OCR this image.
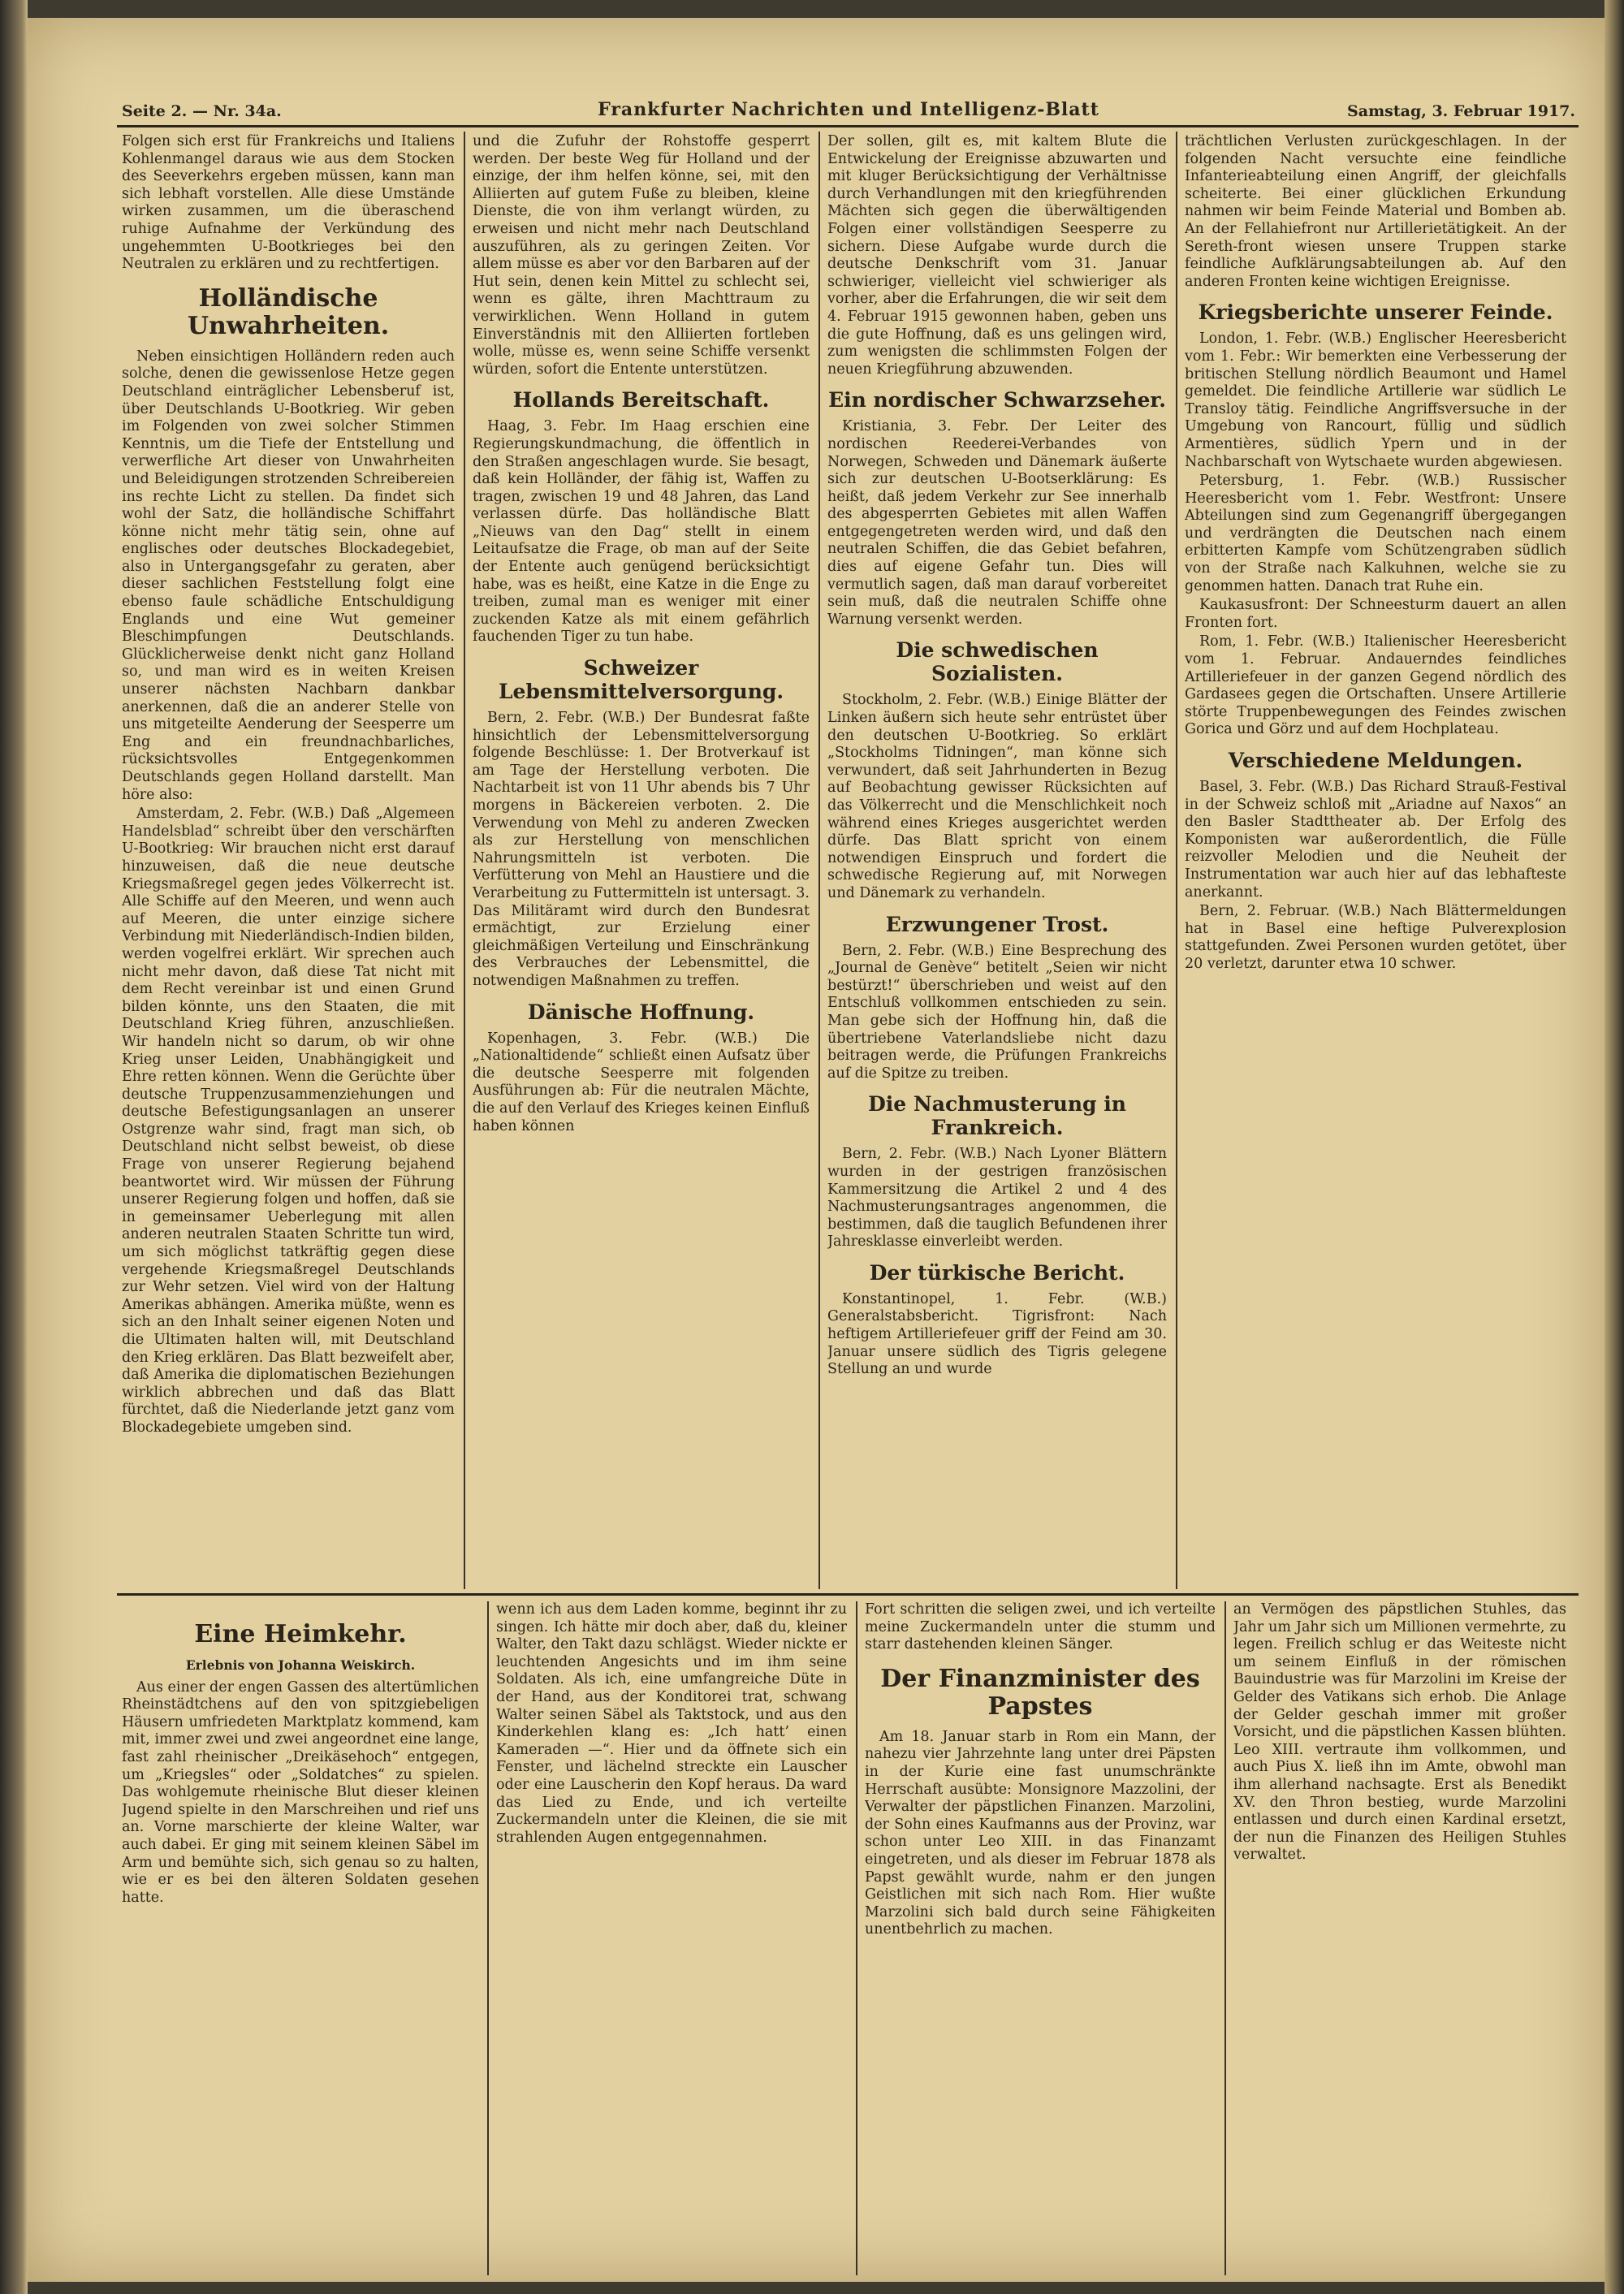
Seite 2. — Nr. 34a.	Frankfurter Nachrichten und Intelligenz-Blatt	Samstag, 3. Februar 1917.

Folgen sich erst für Frankreichs und Italiens Kohlenmangel daraus wie aus dem Stocken des Seeverkehrs ergeben müssen, kann man sich lebhaft vorstellen. Alle diese Umstände wirken zusammen, um die überaschend ruhige Aufnahme der Verkündung des ungehemmten U-Bootkrieges bei den Neutralen zu erklären und zu rechtfertigen.

Holländische Unwahrheiten.

Neben einsichtigen Holländern reden auch solche, denen die gewissenlose Hetze gegen Deutschland einträglicher Lebensberuf ist, über Deutschlands U-Bootkrieg. Wir geben im Folgenden von zwei solcher Stimmen Kenntnis, um die Tiefe der Entstellung und verwerfliche Art dieser von Unwahrheiten und Beleidigungen strotzenden Schreibereien ins rechte Licht zu stellen. Da findet sich wohl der Satz, die holländische Schiffahrt könne nicht mehr tätig sein, ohne auf englisches oder deutsches Blockadegebiet, also in Untergangsgefahr zu geraten, aber dieser sachlichen Feststellung folgt eine ebenso faule schädliche Entschuldigung Englands und eine Wut gemeiner Bleschimpfungen Deutschlands. Glücklicherweise denkt nicht ganz Holland so, und man wird es in weiten Kreisen unserer nächsten Nachbarn dankbar anerkennen, daß die an anderer Stelle von uns mitgeteilte Aenderung der Seesperre um Eng and ein freundnachbarliches, rücksichtsvolles Entgegenkommen Deutschlands gegen Holland darstellt. Man höre also:

Amsterdam, 2. Febr. (W.B.) Daß „Algemeen Handelsblad“ schreibt über den verschärften U-Bootkrieg: Wir brauchen nicht erst darauf hinzuweisen, daß die neue deutsche Kriegsmaßregel gegen jedes Völkerrecht ist. Alle Schiffe auf den Meeren, und wenn auch auf Meeren, die unter einzige sichere Verbindung mit Niederländisch-Indien bilden, werden vogelfrei erklärt. Wir sprechen auch nicht mehr davon, daß diese Tat nicht mit dem Recht vereinbar ist und einen Grund bilden könnte, uns den Staaten, die mit Deutschland Krieg führen, anzuschließen. Wir handeln nicht so darum, ob wir ohne Krieg unser Leiden, Unabhängigkeit und Ehre retten können. Wenn die Gerüchte über deutsche Truppenzusammenziehungen und deutsche Befestigungsanlagen an unserer Ostgrenze wahr sind, fragt man sich, ob Deutschland nicht selbst beweist, ob diese Frage von unserer Regierung bejahend beantwortet wird. Wir müssen der Führung unserer Regierung folgen und hoffen, daß sie in gemeinsamer Ueberlegung mit allen anderen neutralen Staaten Schritte tun wird, um sich möglichst tatkräftig gegen diese vergehende Kriegsmaßregel Deutschlands zur Wehr setzen. Viel wird von der Haltung Amerikas abhängen. Amerika müßte, wenn es sich an den Inhalt seiner eigenen Noten und die Ultimaten halten will, mit Deutschland den Krieg erklären. Das Blatt bezweifelt aber, daß Amerika die diplomatischen Beziehungen wirklich abbrechen und daß das Blatt fürchtet, daß die Niederlande jetzt ganz vom Blockadegebiete umgeben sind.

und die Zufuhr der Rohstoffe gesperrt werden. Der beste Weg für Holland und der einzige, der ihm helfen könne, sei, mit den Alliierten auf gutem Fuße zu bleiben, kleine Dienste, die von ihm verlangt würden, zu erweisen und nicht mehr nach Deutschland auszuführen, als zu geringen Zeiten. Vor allem müsse es aber vor den Barbaren auf der Hut sein, denen kein Mittel zu schlecht sei, wenn es gälte, ihren Machttraum zu verwirklichen. Wenn Holland in gutem Einverständnis mit den Alliierten fortleben wolle, müsse es, wenn seine Schiffe versenkt würden, sofort die Entente unterstützen.

Hollands Bereitschaft.

Haag, 3. Febr. Im Haag erschien eine Regierungskundmachung, die öffentlich in den Straßen angeschlagen wurde. Sie besagt, daß kein Holländer, der fähig ist, Waffen zu tragen, zwischen 19 und 48 Jahren, das Land verlassen dürfe. Das holländische Blatt „Nieuws van den Dag“ stellt in einem Leitaufsatze die Frage, ob man auf der Seite der Entente auch genügend berücksichtigt habe, was es heißt, eine Katze in die Enge zu treiben, zumal man es weniger mit einer zuckenden Katze als mit einem gefährlich fauchenden Tiger zu tun habe.

Schweizer Lebensmittelversorgung.

Bern, 2. Febr. (W.B.) Der Bundesrat faßte hinsichtlich der Lebensmittelversorgung folgende Beschlüsse: 1. Der Brotverkauf ist am Tage der Herstellung verboten. Die Nachtarbeit ist von 11 Uhr abends bis 7 Uhr morgens in Bäckereien verboten. 2. Die Verwendung von Mehl zu anderen Zwecken als zur Herstellung von menschlichen Nahrungsmitteln ist verboten. Die Verfütterung von Mehl an Haustiere und die Verarbeitung zu Futtermitteln ist untersagt. 3. Das Militäramt wird durch den Bundesrat ermächtigt, zur Erzielung einer gleichmäßigen Verteilung und Einschränkung des Verbrauches der Lebensmittel, die notwendigen Maßnahmen zu treffen.

Dänische Hoffnung.

Kopenhagen, 3. Febr. (W.B.) Die „Nationaltidende“ schließt einen Aufsatz über die deutsche Seesperre mit folgenden Ausführungen ab: Für die neutralen Mächte, die auf den Verlauf des Krieges keinen Einfluß haben können

Der sollen, gilt es, mit kaltem Blute die Entwickelung der Ereignisse abzuwarten und mit kluger Berücksichtigung der Verhältnisse durch Verhandlungen mit den kriegführenden Mächten sich gegen die überwältigenden Folgen einer vollständigen Seesperre zu sichern. Diese Aufgabe wurde durch die deutsche Denkschrift vom 31. Januar schwieriger, vielleicht viel schwieriger als vorher, aber die Erfahrungen, die wir seit dem 4. Februar 1915 gewonnen haben, geben uns die gute Hoffnung, daß es uns gelingen wird, zum wenigsten die schlimmsten Folgen der neuen Kriegführung abzuwenden.

Ein nordischer Schwarzseher.

Kristiania, 3. Febr. Der Leiter des nordischen Reederei-Verbandes von Norwegen, Schweden und Dänemark äußerte sich zur deutschen U-Bootserklärung: Es heißt, daß jedem Verkehr zur See innerhalb des abgesperrten Gebietes mit allen Waffen entgegengetreten werden wird, und daß den neutralen Schiffen, die das Gebiet befahren, dies auf eigene Gefahr tun. Dies will vermutlich sagen, daß man darauf vorbereitet sein muß, daß die neutralen Schiffe ohne Warnung versenkt werden.

Die schwedischen Sozialisten.

Stockholm, 2. Febr. (W.B.) Einige Blätter der Linken äußern sich heute sehr entrüstet über den deutschen U-Bootkrieg. So erklärt „Stockholms Tidningen“, man könne sich verwundert, daß seit Jahrhunderten in Bezug auf Beobachtung gewisser Rücksichten auf das Völkerrecht und die Menschlichkeit noch während eines Krieges ausgerichtet werden dürfe. Das Blatt spricht von einem notwendigen Einspruch und fordert die schwedische Regierung auf, mit Norwegen und Dänemark zu verhandeln.

Erzwungener Trost.

Bern, 2. Febr. (W.B.) Eine Besprechung des „Journal de Genève“ betitelt „Seien wir nicht bestürzt!“ überschrieben und weist auf den Entschluß vollkommen entschieden zu sein. Man gebe sich der Hoffnung hin, daß die übertriebene Vaterlandsliebe nicht dazu beitragen werde, die Prüfungen Frankreichs auf die Spitze zu treiben.

Die Nachmusterung in Frankreich.

Bern, 2. Febr. (W.B.) Nach Lyoner Blättern wurden in der gestrigen französischen Kammersitzung die Artikel 2 und 4 des Nachmusterungsantrages angenommen, die bestimmen, daß die tauglich Befundenen ihrer Jahresklasse einverleibt werden.

Der türkische Bericht.

Konstantinopel, 1. Febr. (W.B.) Generalstabsbericht. Tigrisfront: Nach heftigem Artilleriefeuer griff der Feind am 30. Januar unsere südlich des Tigris gelegene Stellung an und wurde

trächtlichen Verlusten zurückgeschlagen. In der folgenden Nacht versuchte eine feindliche Infanterieabteilung einen Angriff, der gleichfalls scheiterte. Bei einer glücklichen Erkundung nahmen wir beim Feinde Material und Bomben ab. An der Fellahiefront nur Artillerietätigkeit. An der Sereth-front wiesen unsere Truppen starke feindliche Aufklärungsabteilungen ab. Auf den anderen Fronten keine wichtigen Ereignisse.

Kriegsberichte unserer Feinde.

London, 1. Febr. (W.B.) Englischer Heeresbericht vom 1. Febr.: Wir bemerkten eine Verbesserung der britischen Stellung nördlich Beaumont und Hamel gemeldet. Die feindliche Artillerie war südlich Le Transloy tätig. Feindliche Angriffsversuche in der Umgebung von Rancourt, füllig und südlich Armentières, südlich Ypern und in der Nachbarschaft von Wytschaete wurden abgewiesen.

Petersburg, 1. Febr. (W.B.) Russischer Heeresbericht vom 1. Febr. Westfront: Unsere Abteilungen sind zum Gegenangriff übergegangen und verdrängten die Deutschen nach einem erbitterten Kampfe vom Schützengraben südlich von der Straße nach Kalkuhnen, welche sie zu genommen hatten. Danach trat Ruhe ein.

Kaukasusfront: Der Schneesturm dauert an allen Fronten fort.

Rom, 1. Febr. (W.B.) Italienischer Heeresbericht vom 1. Februar. Andauerndes feindliches Artilleriefeuer in der ganzen Gegend nördlich des Gardasees gegen die Ortschaften. Unsere Artillerie störte Truppenbewegungen des Feindes zwischen Gorica und Görz und auf dem Hochplateau.

Verschiedene Meldungen.

Basel, 3. Febr. (W.B.) Das Richard Strauß-Festival in der Schweiz schloß mit „Ariadne auf Naxos“ an den Basler Stadttheater ab. Der Erfolg des Komponisten war außerordentlich, die Fülle reizvoller Melodien und die Neuheit der Instrumentation war auch hier auf das lebhafteste anerkannt.

Bern, 2. Februar. (W.B.) Nach Blättermeldungen hat in Basel eine heftige Pulverexplosion stattgefunden. Zwei Personen wurden getötet, über 20 verletzt, darunter etwa 10 schwer.

Eine Heimkehr.
Erlebnis von Johanna Weiskirch.

Aus einer der engen Gassen des altertümlichen Rheinstädtchens auf den von spitzgiebeligen Häusern umfriedeten Marktplatz kommend, kam mit, immer zwei und zwei angeordnet eine lange, fast zahl rheinischer „Dreikäsehoch“ entgegen, um „Kriegsles“ oder „Soldatches“ zu spielen. Das wohlgemute rheinische Blut dieser kleinen Jugend spielte in den Marschreihen und rief uns an. Vorne marschierte der kleine Walter, war auch dabei. Er ging mit seinem kleinen Säbel im Arm und bemühte sich, sich genau so zu halten, wie er es bei den älteren Soldaten gesehen hatte.

wenn ich aus dem Laden komme, beginnt ihr zu singen. Ich hätte mir doch aber, daß du, kleiner Walter, den Takt dazu schlägst. Wieder nickte er leuchtenden Angesichts und im ihm seine Soldaten. Als ich, eine umfangreiche Düte in der Hand, aus der Konditorei trat, schwang Walter seinen Säbel als Taktstock, und aus den Kinderkehlen klang es: „Ich hatt’ einen Kameraden —“. Hier und da öffnete sich ein Fenster, und lächelnd streckte ein Lauscher oder eine Lauscherin den Kopf heraus. Da ward das Lied zu Ende, und ich verteilte Zuckermandeln unter die Kleinen, die sie mit strahlenden Augen entgegennahmen.

Fort schritten die seligen zwei, und ich verteilte meine Zuckermandeln unter die stumm und starr dastehenden kleinen Sänger.

Der Finanzminister des Papstes

Am 18. Januar starb in Rom ein Mann, der nahezu vier Jahrzehnte lang unter drei Päpsten in der Kurie eine fast unumschränkte Herrschaft ausübte: Monsignore Mazzolini, der Verwalter der päpstlichen Finanzen. Marzolini, der Sohn eines Kaufmanns aus der Provinz, war schon unter Leo XIII. in das Finanzamt eingetreten, und als dieser im Februar 1878 als Papst gewählt wurde, nahm er den jungen Geistlichen mit sich nach Rom. Hier wußte Marzolini sich bald durch seine Fähigkeiten unentbehrlich zu machen.

an Vermögen des päpstlichen Stuhles, das Jahr um Jahr sich um Millionen vermehrte, zu legen. Freilich schlug er das Weiteste nicht um seinem Einfluß in der römischen Bauindustrie was für Marzolini im Kreise der Gelder des Vatikans sich erhob. Die Anlage der Gelder geschah immer mit großer Vorsicht, und die päpstlichen Kassen blühten. Leo XIII. vertraute ihm vollkommen, und auch Pius X. ließ ihn im Amte, obwohl man ihm allerhand nachsagte. Erst als Benedikt XV. den Thron bestieg, wurde Marzolini entlassen und durch einen Kardinal ersetzt, der nun die Finanzen des Heiligen Stuhles verwaltet.
